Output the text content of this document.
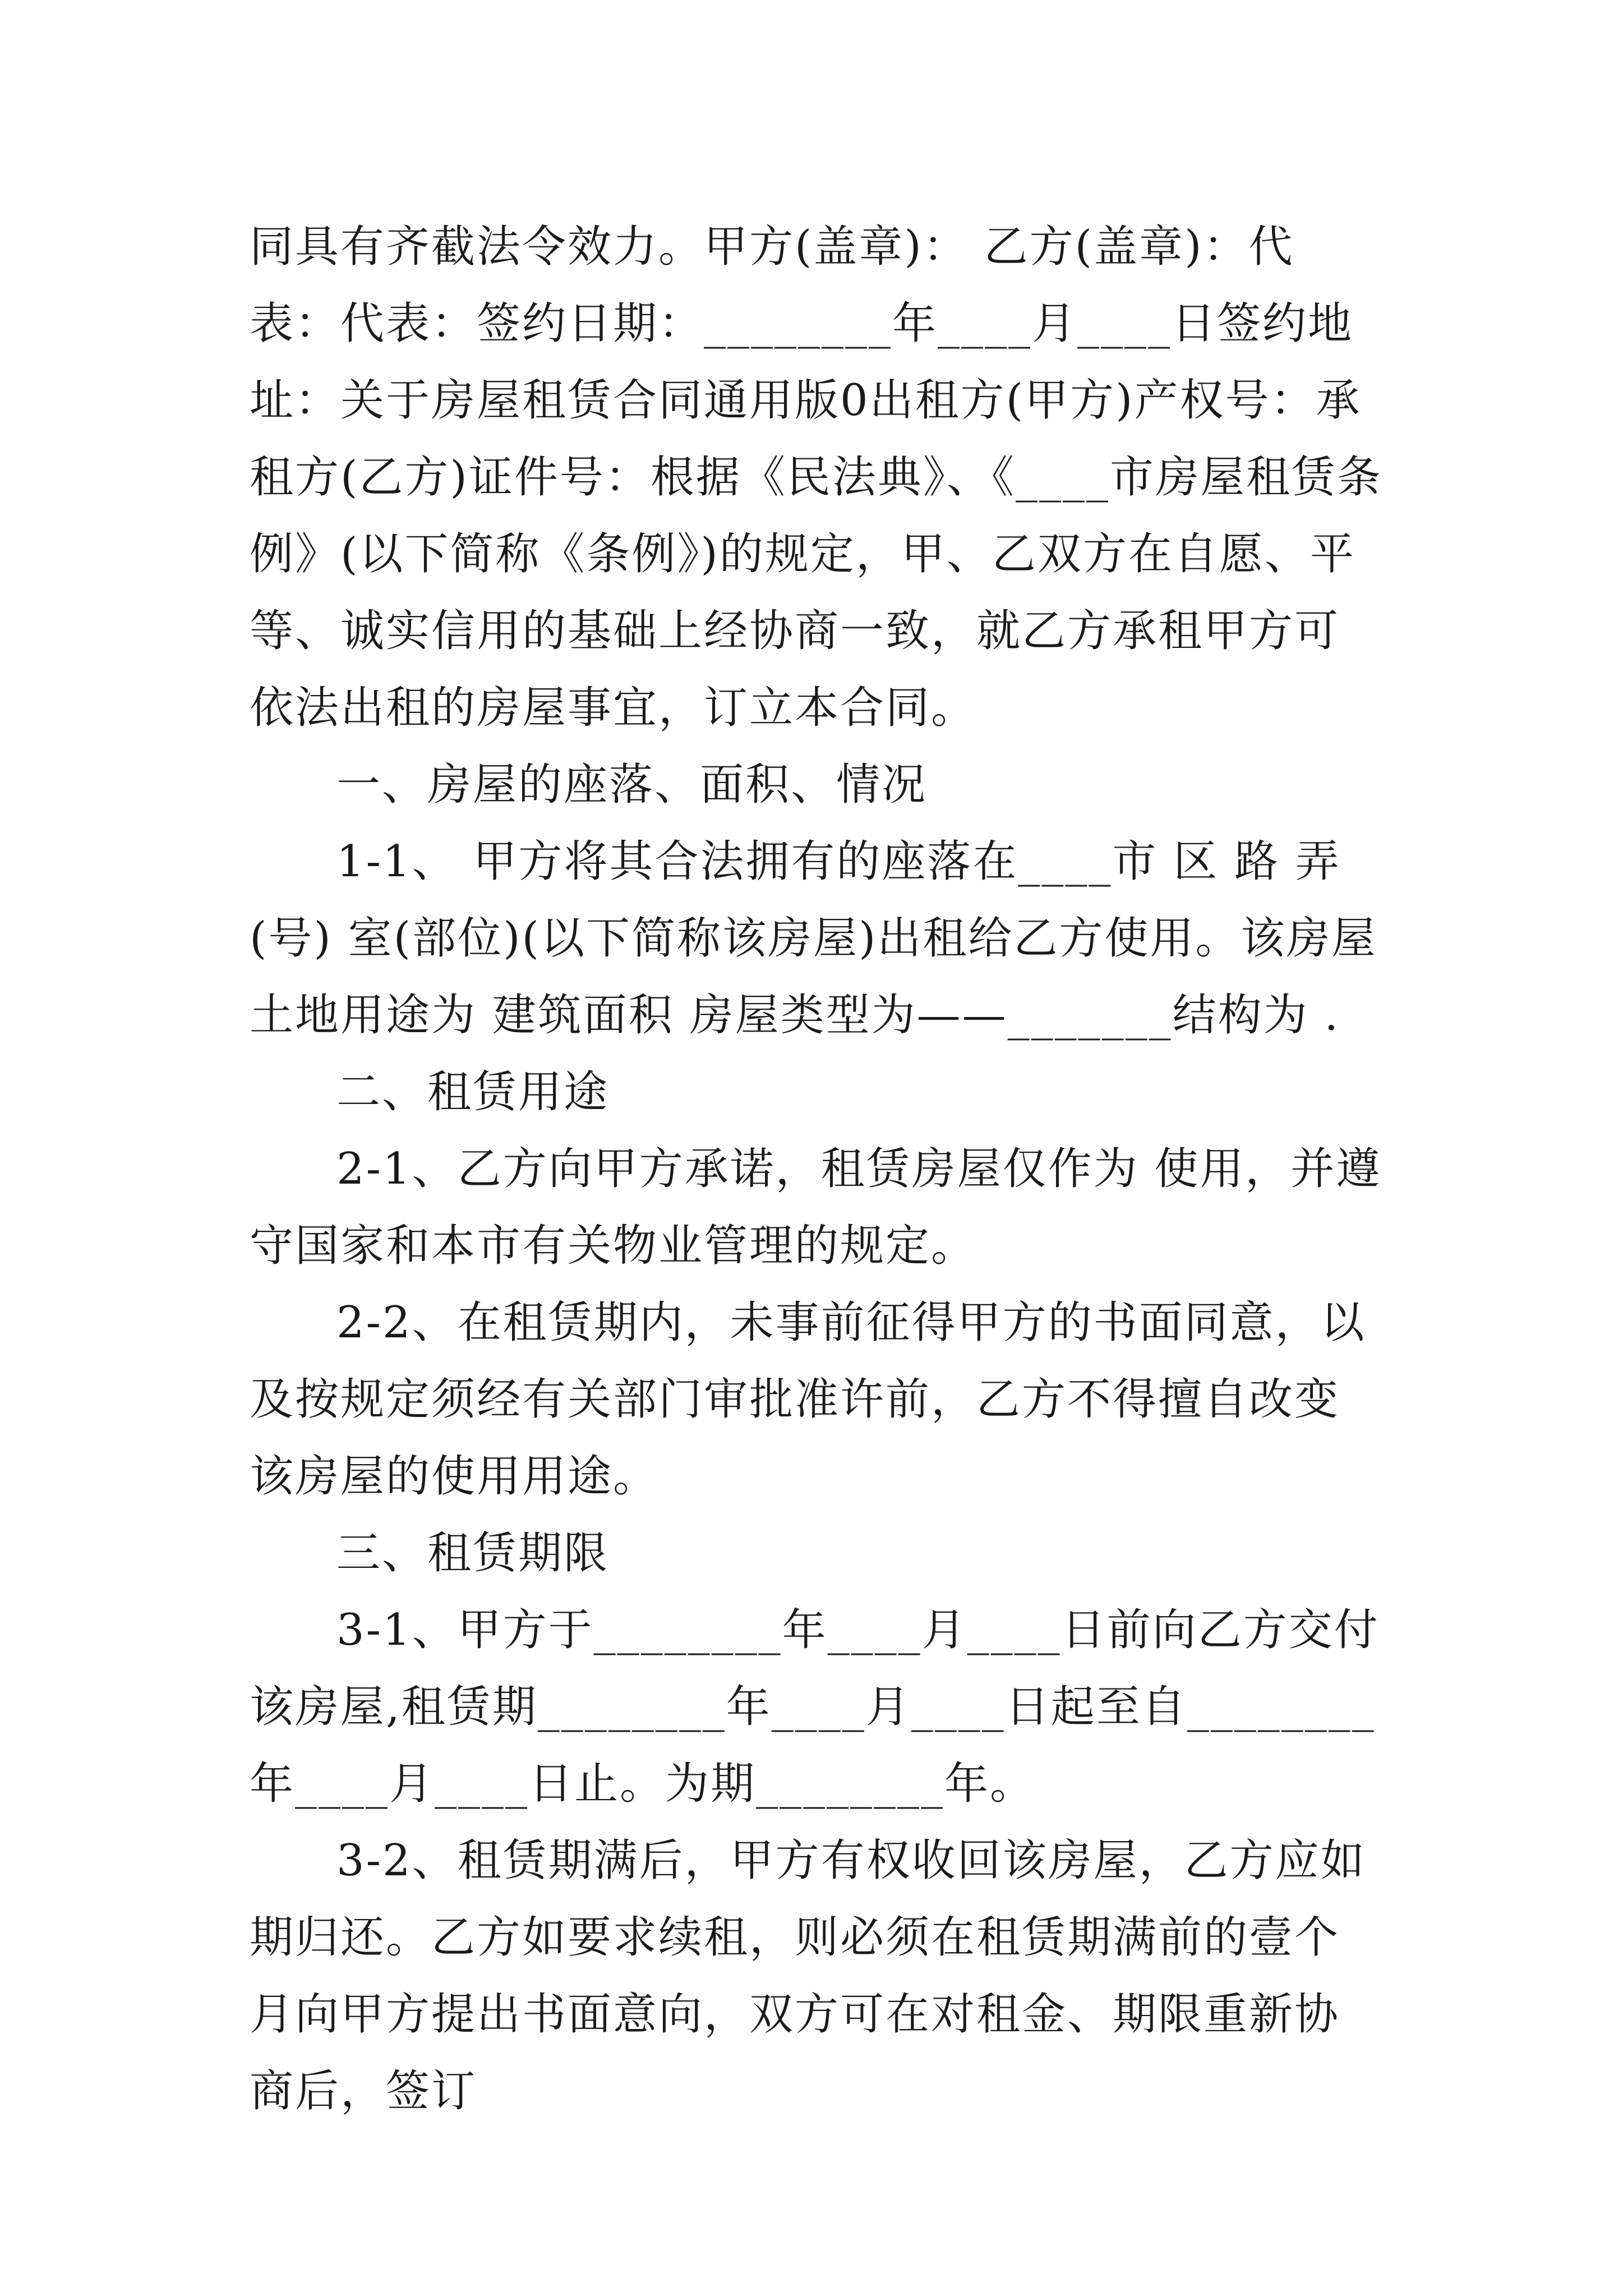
同具有齐截法令效力。甲方(盖章)： 乙方(盖章)：代表：代表：签约日期：________年____月____日签约地址：关于房屋租赁合同通用版0出租方(甲方)产权号：承租方(乙方)证件号：根据《民法典》、《____市房屋租赁条例》(以下简称《条例》)的规定，甲、乙双方在自愿、平等、诚实信用的基础上经协商一致，就乙方承租甲方可依法出租的房屋事宜，订立本合同。

一、房屋的座落、面积、情况

1-1、 甲方将其合法拥有的座落在____市 区 路 弄(号) 室(部位)(以下简称该房屋)出租给乙方使用。该房屋土地用途为 建筑面积 房屋类型为——_______结构为 .

二、租赁用途

2-1、乙方向甲方承诺，租赁房屋仅作为 使用，并遵守国家和本市有关物业管理的规定。

2-2、在租赁期内，未事前征得甲方的书面同意，以及按规定须经有关部门审批准许前，乙方不得擅自改变该房屋的使用用途。

三、租赁期限

3-1、甲方于________年____月____日前向乙方交付该房屋,租赁期________年____月____日起至自________年____月____日止。为期________年。

3-2、租赁期满后，甲方有权收回该房屋，乙方应如期归还。乙方如要求续租，则必须在租赁期满前的壹个月向甲方提出书面意向，双方可在对租金、期限重新协商后，签订
